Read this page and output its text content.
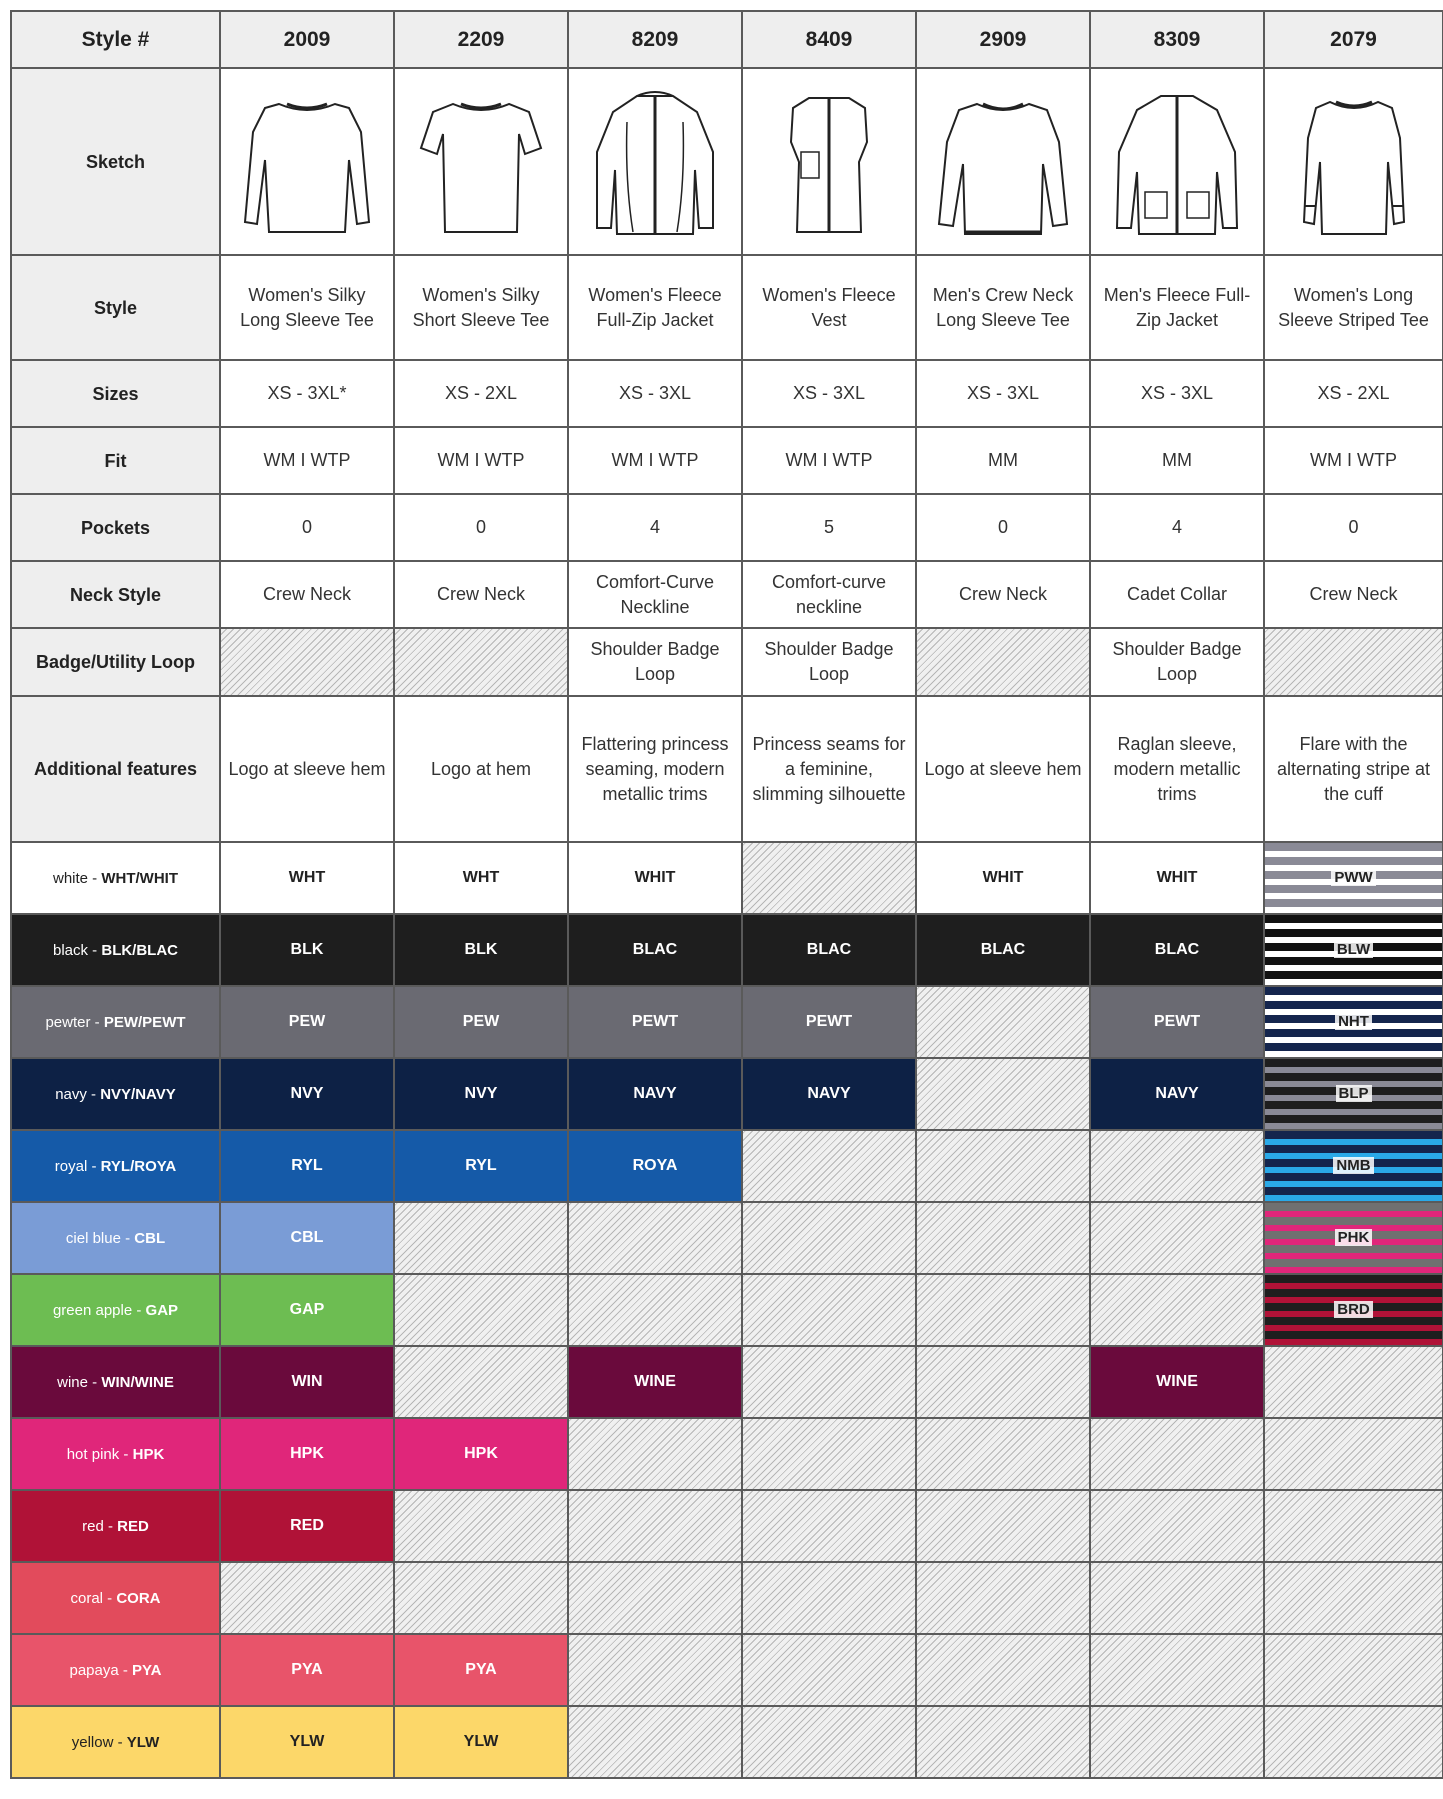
Style #	2009	2209	8209	8409	2909	8309	2079
Sketch	

Style	Women's Silky Long Sleeve Tee	Women's Silky Short Sleeve Tee	Women's Fleece Full-Zip Jacket	Women's Fleece Vest	Men's Crew Neck Long Sleeve Tee	Men's Fleece Full-Zip Jacket	Women's Long Sleeve Striped Tee
Sizes	XS - 3XL*	XS - 2XL	XS - 3XL	XS - 3XL	XS - 3XL	XS - 3XL	XS - 2XL
Fit	WM I WTP	WM I WTP	WM I WTP	WM I WTP	MM	MM	WM I WTP
Pockets	0	0	4	5	0	4	0
Neck Style	Crew Neck	Crew Neck	Comfort-Curve Neckline	Comfort-curve neckline	Crew Neck	Cadet Collar	Crew Neck
Badge/Utility Loop			Shoulder Badge Loop	Shoulder Badge Loop		Shoulder Badge Loop	
Additional features	Logo at sleeve hem	Logo at hem	Flattering princess seaming, modern metallic trims	Princess seams for a feminine, slimming silhouette	Logo at sleeve hem	Raglan sleeve, modern metallic trims	Flare with the alternating stripe at the cuff
white - WHT/WHIT	WHT	WHT	WHIT		WHIT	WHIT	PWW
black - BLK/BLAC	BLK	BLK	BLAC	BLAC	BLAC	BLAC	BLW
pewter - PEW/PEWT	PEW	PEW	PEWT	PEWT		PEWT	NHT
navy - NVY/NAVY	NVY	NVY	NAVY	NAVY		NAVY	BLP
royal - RYL/ROYA	RYL	RYL	ROYA				NMB
ciel blue - CBL	CBL						PHK
green apple - GAP	GAP						BRD
wine - WIN/WINE	WIN		WINE			WINE	
hot pink - HPK	HPK	HPK					
red - RED	RED						
coral - CORA							
papaya - PYA	PYA	PYA					
yellow - YLW	YLW	YLW					
